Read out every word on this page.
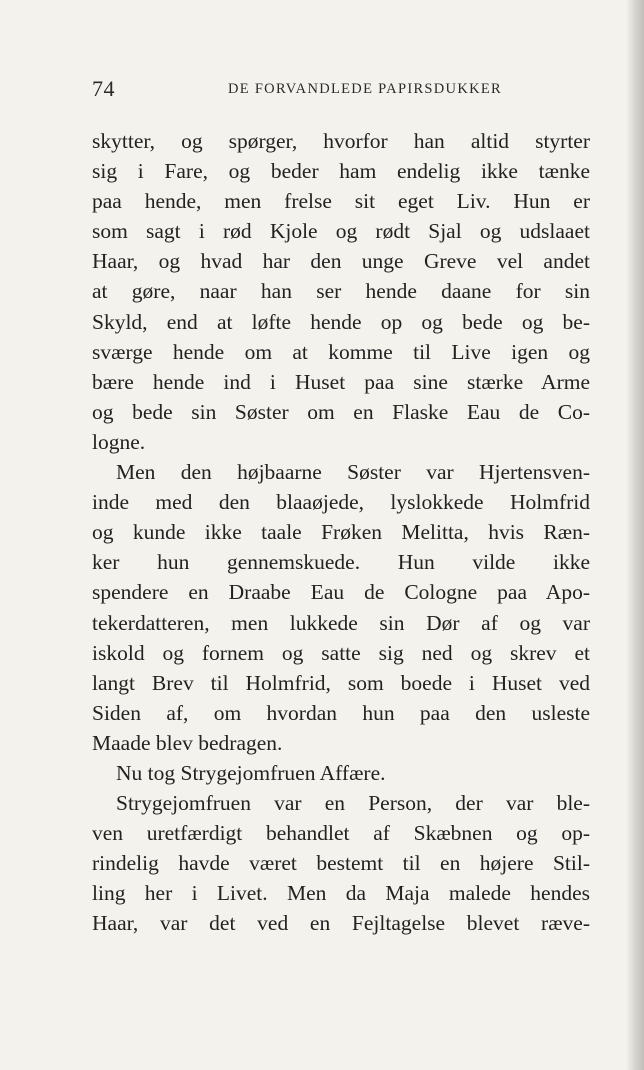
74	DE FORVANDLEDE PAPIRSDUKKER
skytter, og spørger, hvorfor han altid styrter
sig i Fare, og beder ham endelig ikke tænke
paa hende, men frelse sit eget Liv. Hun er
som sagt i rød Kjole og rødt Sjal og udslaaet
Haar, og hvad har den unge Greve vel andet
at gøre, naar han ser hende daane for sin
Skyld, end at løfte hende op og bede og be-
sværge hende om at komme til Live igen og
bære hende ind i Huset paa sine stærke Arme
og bede sin Søster om en Flaske Eau de Co-
logne.
Men den højbaarne Søster var Hjertensven-
inde med den blaaøjede, lyslokkede Holmfrid
og kunde ikke taale Frøken Melitta, hvis Ræn-
ker hun gennemskuede. Hun vilde ikke
spendere en Draabe Eau de Cologne paa Apo-
tekerdatteren, men lukkede sin Dør af og var
iskold og fornem og satte sig ned og skrev et
langt Brev til Holmfrid, som boede i Huset ved
Siden af, om hvordan hun paa den usleste
Maade blev bedragen.
Nu tog Strygejomfruen Affære.
Strygejomfruen var en Person, der var ble-
ven uretfærdigt behandlet af Skæbnen og op-
rindelig havde været bestemt til en højere Stil-
ling her i Livet. Men da Maja malede hendes
Haar, var det ved en Fejltagelse blevet ræve-
